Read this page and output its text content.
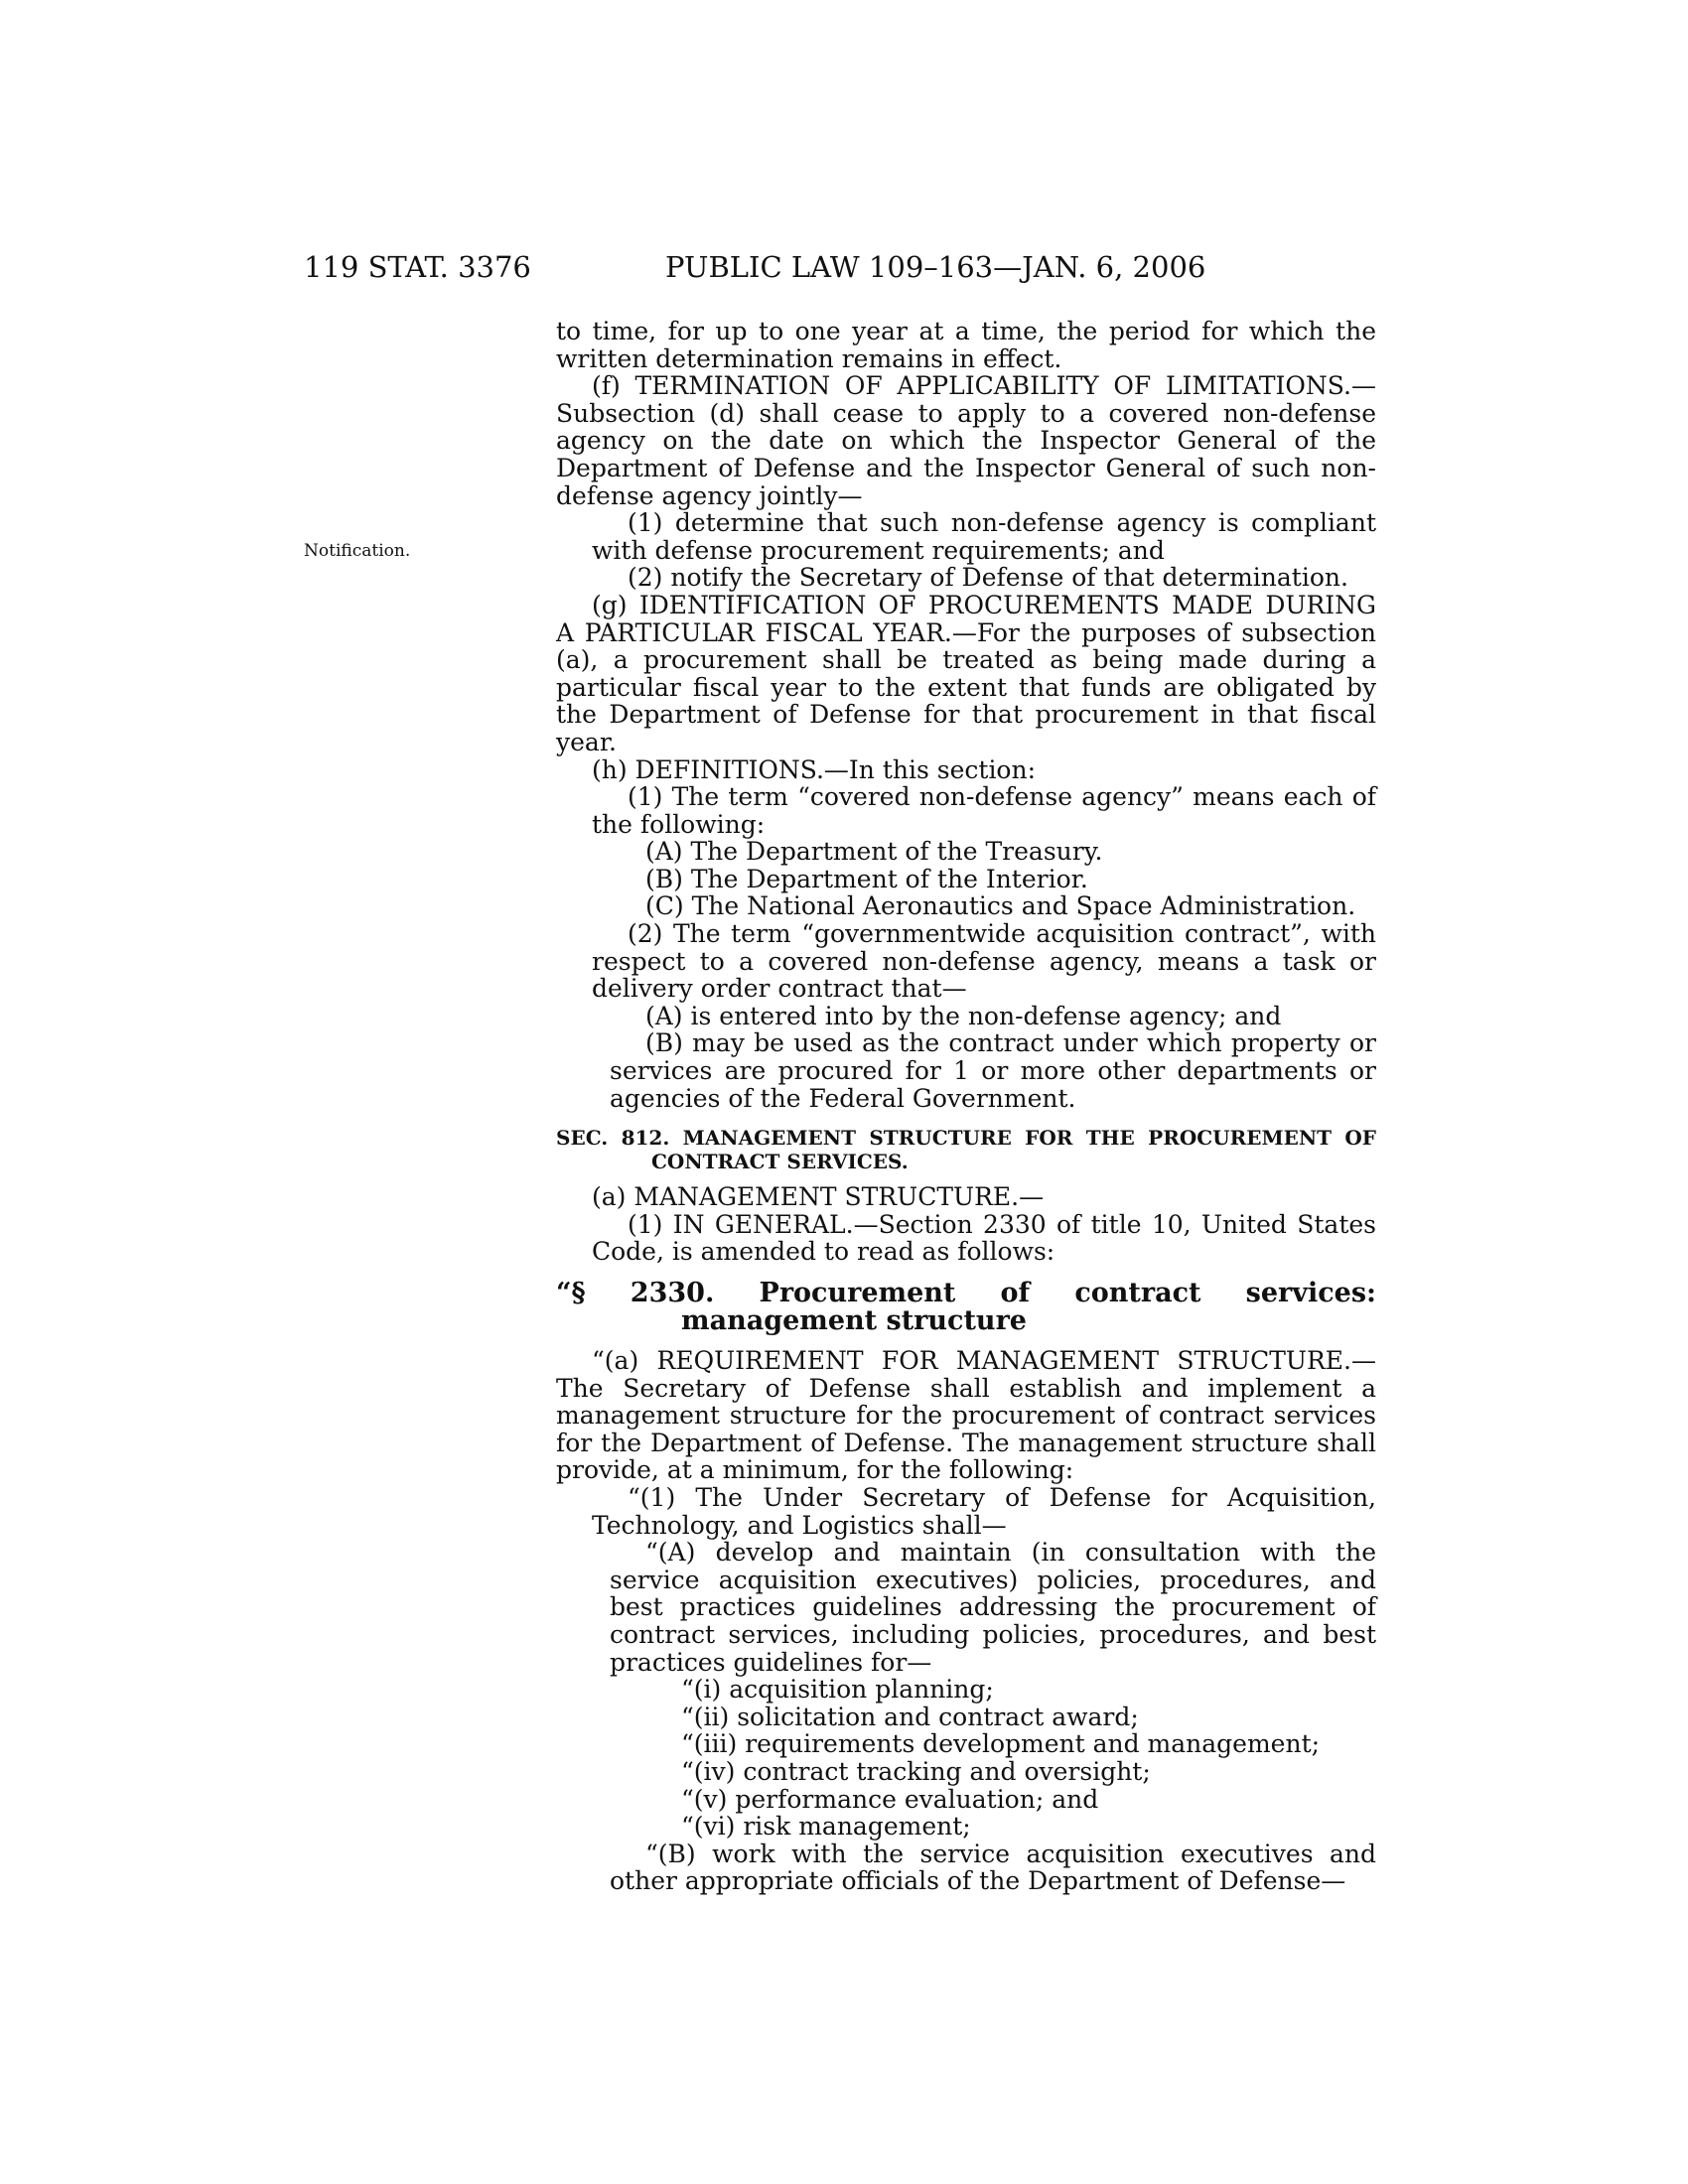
119 STAT. 3376	PUBLIC LAW 109–163—JAN. 6, 2006
Notification.

to time, for up to one year at a time, the period for which the written determination remains in effect.

(f) TERMINATION OF APPLICABILITY OF LIMITATIONS.—Subsection (d) shall cease to apply to a covered non-defense agency on the date on which the Inspector General of the Department of Defense and the Inspector General of such non-defense agency jointly—

(1) determine that such non-defense agency is compliant with defense procurement requirements; and

(2) notify the Secretary of Defense of that determination.

(g) IDENTIFICATION OF PROCUREMENTS MADE DURING A PARTICULAR FISCAL YEAR.—For the purposes of subsection (a), a procurement shall be treated as being made during a particular fiscal year to the extent that funds are obligated by the Department of Defense for that procurement in that fiscal year.

(h) DEFINITIONS.—In this section:

(1) The term “covered non-defense agency” means each of the following:

(A) The Department of the Treasury.

(B) The Department of the Interior.

(C) The National Aeronautics and Space Administration.

(2) The term “governmentwide acquisition contract”, with respect to a covered non-defense agency, means a task or delivery order contract that—

(A) is entered into by the non-defense agency; and

(B) may be used as the contract under which property or services are procured for 1 or more other departments or agencies of the Federal Government.

SEC. 812. MANAGEMENT STRUCTURE FOR THE PROCUREMENT OF CONTRACT SERVICES.

(a) MANAGEMENT STRUCTURE.—

(1) IN GENERAL.—Section 2330 of title 10, United States Code, is amended to read as follows:

“§ 2330. Procurement of contract services: management structure

“(a) REQUIREMENT FOR MANAGEMENT STRUCTURE.—The Secretary of Defense shall establish and implement a management structure for the procurement of contract services for the Department of Defense. The management structure shall provide, at a minimum, for the following:

“(1) The Under Secretary of Defense for Acquisition, Technology, and Logistics shall—

“(A) develop and maintain (in consultation with the service acquisition executives) policies, procedures, and best practices guidelines addressing the procurement of contract services, including policies, procedures, and best practices guidelines for—

“(i) acquisition planning;

“(ii) solicitation and contract award;

“(iii) requirements development and management;

“(iv) contract tracking and oversight;

“(v) performance evaluation; and

“(vi) risk management;

“(B) work with the service acquisition executives and other appropriate officials of the Department of Defense—
